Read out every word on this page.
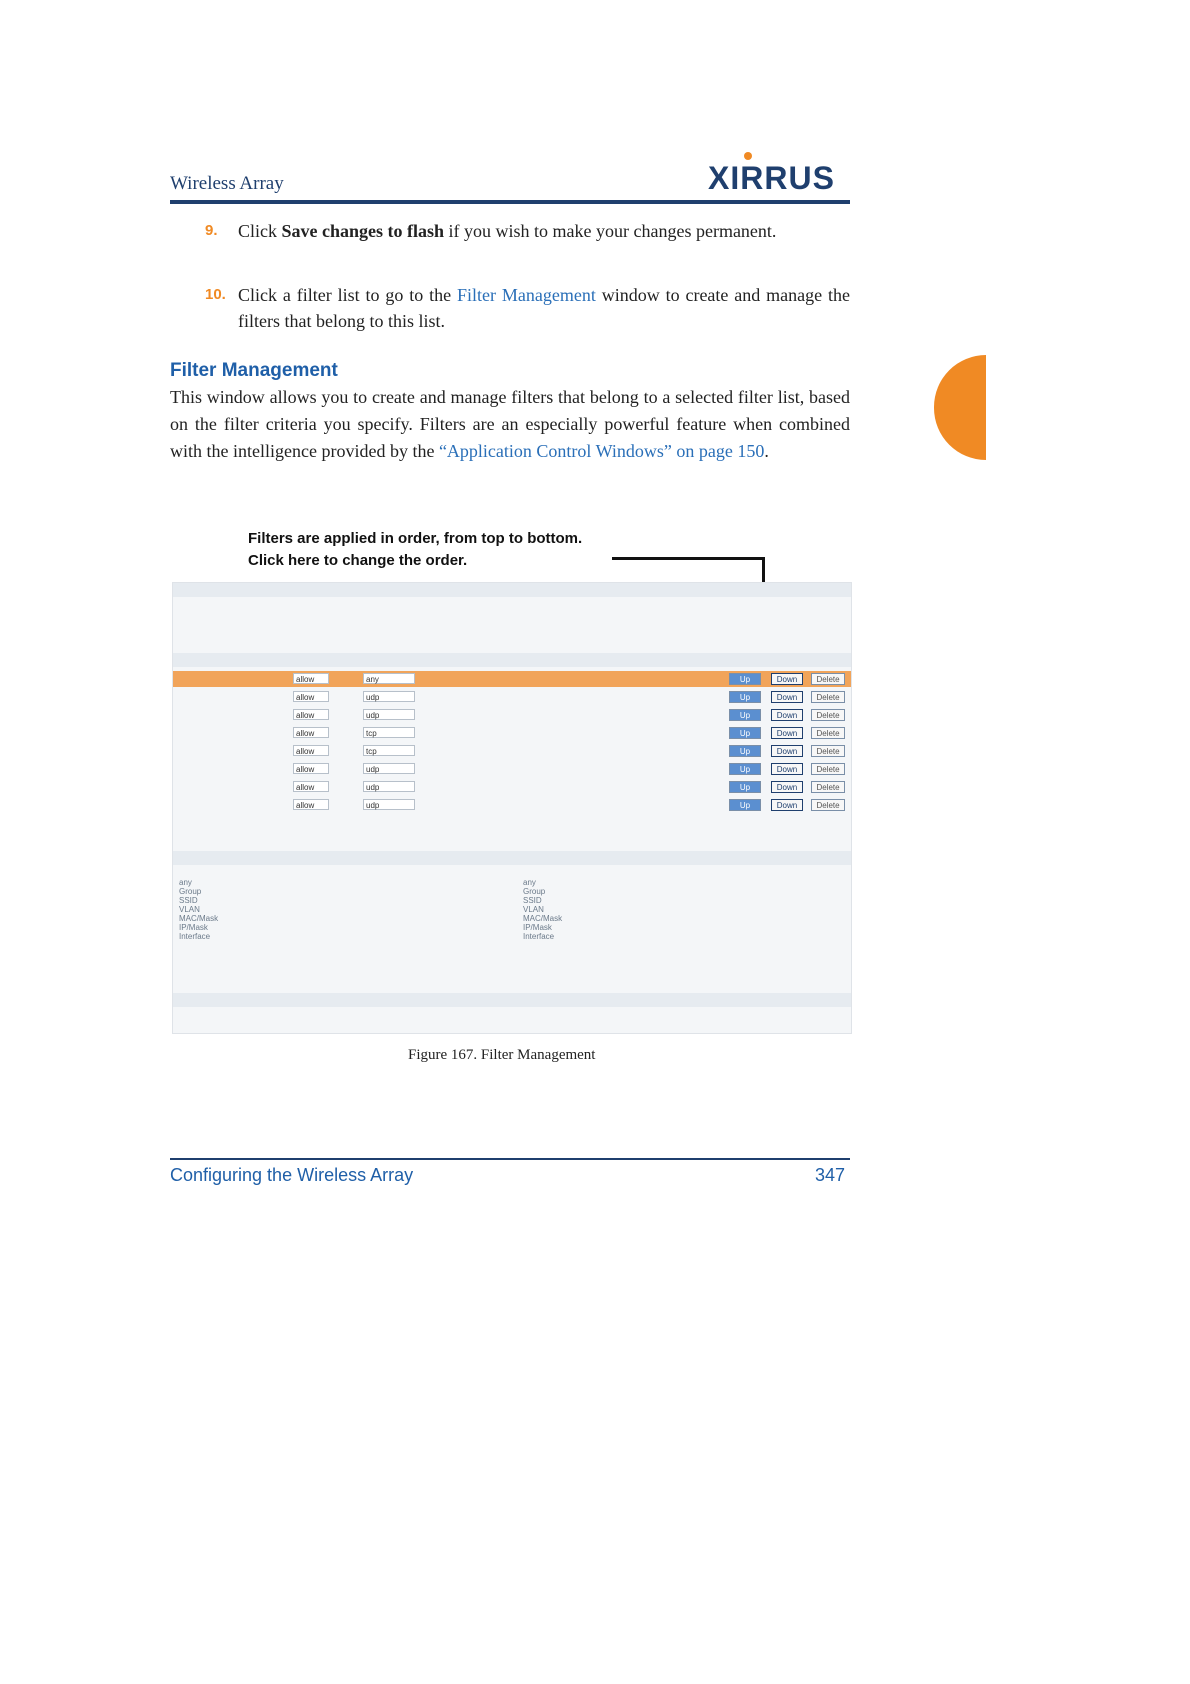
Wireless Array	XIRRUS
9. Click Save changes to flash if you wish to make your changes permanent.
10. Click a filter list to go to the Filter Management window to create and manage the filters that belong to this list.
Filter Management
This window allows you to create and manage filters that belong to a selected filter list, based on the filter criteria you specify. Filters are an especially powerful feature when combined with the intelligence provided by the “Application Control Windows” on page 150.
Filters are applied in order, from top to bottom.
Click here to change the order.
allow	any	Up	Down	Delete
allow	udp	Up	Down	Delete
allow	udp	Up	Down	Delete
allow	tcp	Up	Down	Delete
allow	tcp	Up	Down	Delete
allow	udp	Up	Down	Delete
allow	udp	Up	Down	Delete
allow	udp	Up	Down	Delete
any
Group
SSID
VLAN
MAC/Mask
IP/Mask
Interface
any
Group
SSID
VLAN
MAC/Mask
IP/Mask
Interface
Figure 167. Filter Management
Configuring the Wireless Array	347
